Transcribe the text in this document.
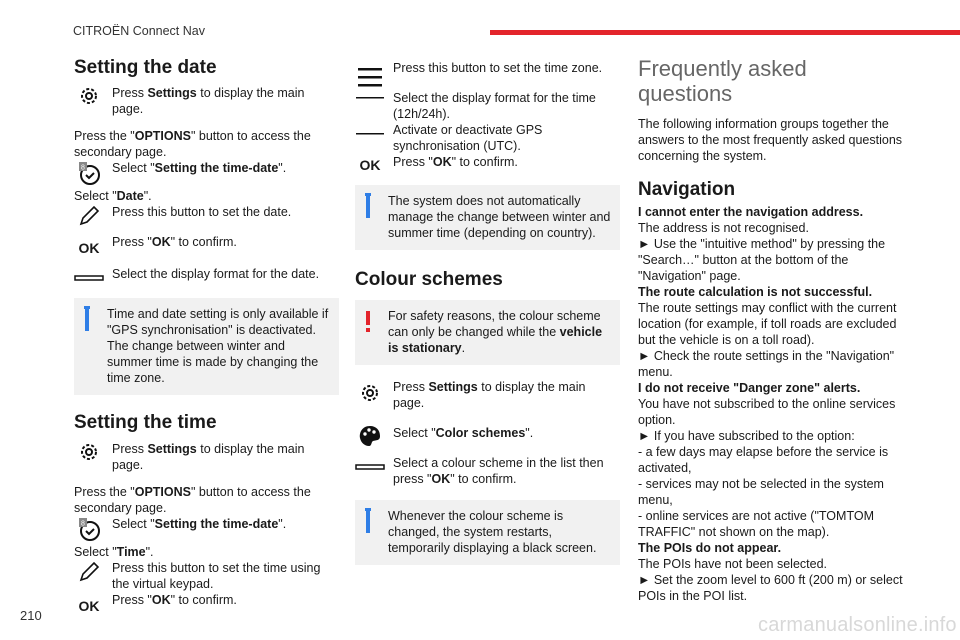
CITROËN Connect Nav
Setting the date

Press Settings to display the main page.

Press the "OPTIONS" button to access the secondary page.

8 Select "Setting the time-date".

Select "Date".

Press this button to set the date.

OK	Press "OK" to confirm.

Select the display format for the date.

Time and date setting is only available if "GPS synchronisation" is deactivated. The change between winter and summer time is made by changing the time zone.
Setting the time

Press Settings to display the main page.

Press the "OPTIONS" button to access the secondary page.

8 Select "Setting the time-date".

Select "Time".

Press this button to set the time using the virtual keypad.

OK	Press "OK" to confirm.

Press this button to set the time zone.

Select the display format for the time (12h/24h).

Activate or deactivate GPS synchronisation (UTC).

OK	Press "OK" to confirm.

The system does not automatically manage the change between winter and summer time (depending on country).
Colour schemes
For safety reasons, the colour scheme can only be changed while the vehicle is stationary.

Press Settings to display the main page.

Select "Color schemes".

Select a colour scheme in the list then press "OK" to confirm.

Whenever the colour scheme is changed, the system restarts, temporarily displaying a black screen.
Frequently asked questions

The following information groups together the answers to the most frequently asked questions concerning the system.

Navigation

I cannot enter the navigation address.

The address is not recognised.

► Use the "intuitive method" by pressing the "Search…" button at the bottom of the "Navigation" page.

The route calculation is not successful.

The route settings may conflict with the current location (for example, if toll roads are excluded but the vehicle is on a toll road).

► Check the route settings in the "Navigation" menu.

I do not receive "Danger zone" alerts.

You have not subscribed to the online services option.

► If you have subscribed to the option:

- a few days may elapse before the service is activated,

- services may not be selected in the system menu,

- online services are not active ("TOMTOM TRAFFIC" not shown on the map).

The POIs do not appear.

The POIs have not been selected.

► Set the zoom level to 600 ft (200 m) or select POIs in the POI list.

210	carmanualsonline.info
